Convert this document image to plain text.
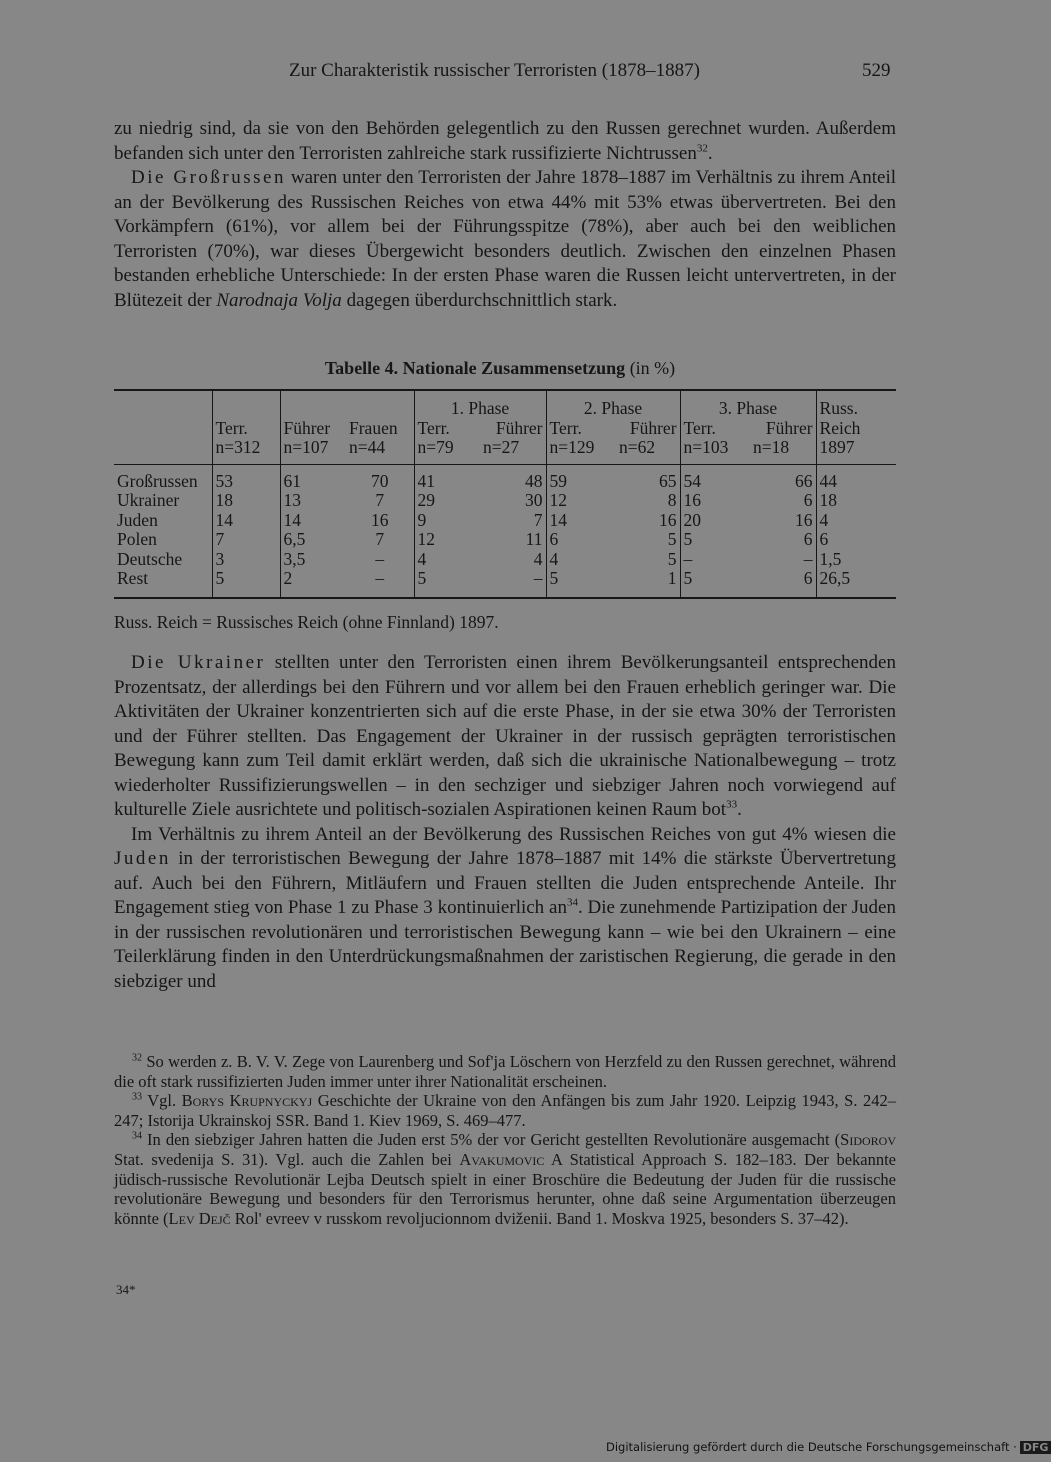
Zur Charakteristik russischer Terroristen (1878–1887)	529

zu niedrig sind, da sie von den Behörden gelegentlich zu den Russen gerechnet wurden. Außerdem befanden sich unter den Terroristen zahlreiche stark russifizierte Nichtrussen$^{32}$.

Die Großrussen waren unter den Terroristen der Jahre 1878–1887 im Verhältnis zu ihrem Anteil an der Bevölkerung des Russischen Reiches von etwa 44% mit 53% etwas übervertreten. Bei den Vorkämpfern (61%), vor allem bei der Führungsspitze (78%), aber auch bei den weiblichen Terroristen (70%), war dieses Übergewicht besonders deutlich. Zwischen den einzelnen Phasen bestanden erhebliche Unterschiede: In der ersten Phase waren die Russen leicht untervertreten, in der Blütezeit der Narodnaja Volja dagegen überdurchschnittlich stark.

Tabelle 4. Nationale Zusammensetzung (in %)
				1. Phase		2. Phase		3. Phase		Russ.
	Terr.	Führer	Frauen	Terr.	Führer	Terr.	Führer	Terr.	Führer	Reich
	n=312	n=107	n=44	n=79	n=27	n=129	n=62	n=103	n=18	1897
Großrussen	53	61	70	41	48	59	65	54	66	44
Ukrainer	18	13	7	29	30	12	8	16	6	18
Juden	14	14	16	9	7	14	16	20	16	4
Polen	7	6,5	7	12	11	6	5	5	6	6
Deutsche	3	3,5	–	4	4	4	5	–	–	1,5
Rest	5	2	–	5	–	5	1	5	6	26,5
Russ. Reich = Russisches Reich (ohne Finnland) 1897.

Die Ukrainer stellten unter den Terroristen einen ihrem Bevölkerungsanteil entsprechenden Prozentsatz, der allerdings bei den Führern und vor allem bei den Frauen erheblich geringer war. Die Aktivitäten der Ukrainer konzentrierten sich auf die erste Phase, in der sie etwa 30% der Terroristen und der Führer stellten. Das Engagement der Ukrainer in der russisch geprägten terroristischen Bewegung kann zum Teil damit erklärt werden, daß sich die ukrainische Nationalbewegung – trotz wiederholter Russifizierungswellen – in den sechziger und siebziger Jahren noch vorwiegend auf kulturelle Ziele ausrichtete und politisch-sozialen Aspirationen keinen Raum bot$^{33}$.

Im Verhältnis zu ihrem Anteil an der Bevölkerung des Russischen Reiches von gut 4% wiesen die Juden in der terroristischen Bewegung der Jahre 1878–1887 mit 14% die stärkste Übervertretung auf. Auch bei den Führern, Mitläufern und Frauen stellten die Juden entsprechende Anteile. Ihr Engagement stieg von Phase 1 zu Phase 3 kontinuierlich $an^{34}$. Die zunehmende Partizipation der Juden in der russischen revolutionären und terroristischen Bewegung kann – wie bei den Ukrainern – eine Teilerklärung finden in den Unterdrückungsmaßnahmen der zaristischen Regierung, die gerade in den siebziger und

$^{32}$ So werden z. B. V. V. Zege von Laurenberg und Sof'ja Löschern von Herzfeld zu den Russen gerechnet, während die oft stark russifizierten Juden immer unter ihrer Nationalität erscheinen.

$^{33}$ Vgl. Borys Krupnyckyj Geschichte der Ukraine von den Anfängen bis zum Jahr 1920. Leipzig 1943, S. 242–247; Istorija Ukrainskoj SSR. Band 1. Kiev 1969, S. 469–477.

$^{34}$ In den siebziger Jahren hatten die Juden erst 5% der vor Gericht gestellten Revolutionäre ausgemacht (Sidorov Stat. svedenija S. 31). Vgl. auch die Zahlen bei Avakumovic A Statistical Approach S. 182–183. Der bekannte jüdisch-russische Revolutionär Lejba Deutsch spielt in einer Broschüre die Bedeutung der Juden für die russische revolutionäre Bewegung und besonders für den Terrorismus herunter, ohne daß seine Argumentation überzeugen könnte (Lev Dejč Rol' evreev v russkom revoljucionnom dviženii. Band 1. Moskva 1925, besonders S. 37–42).

34*
Digitalisierung gefördert durch die Deutsche Forschungsgemeinschaft · DFG
